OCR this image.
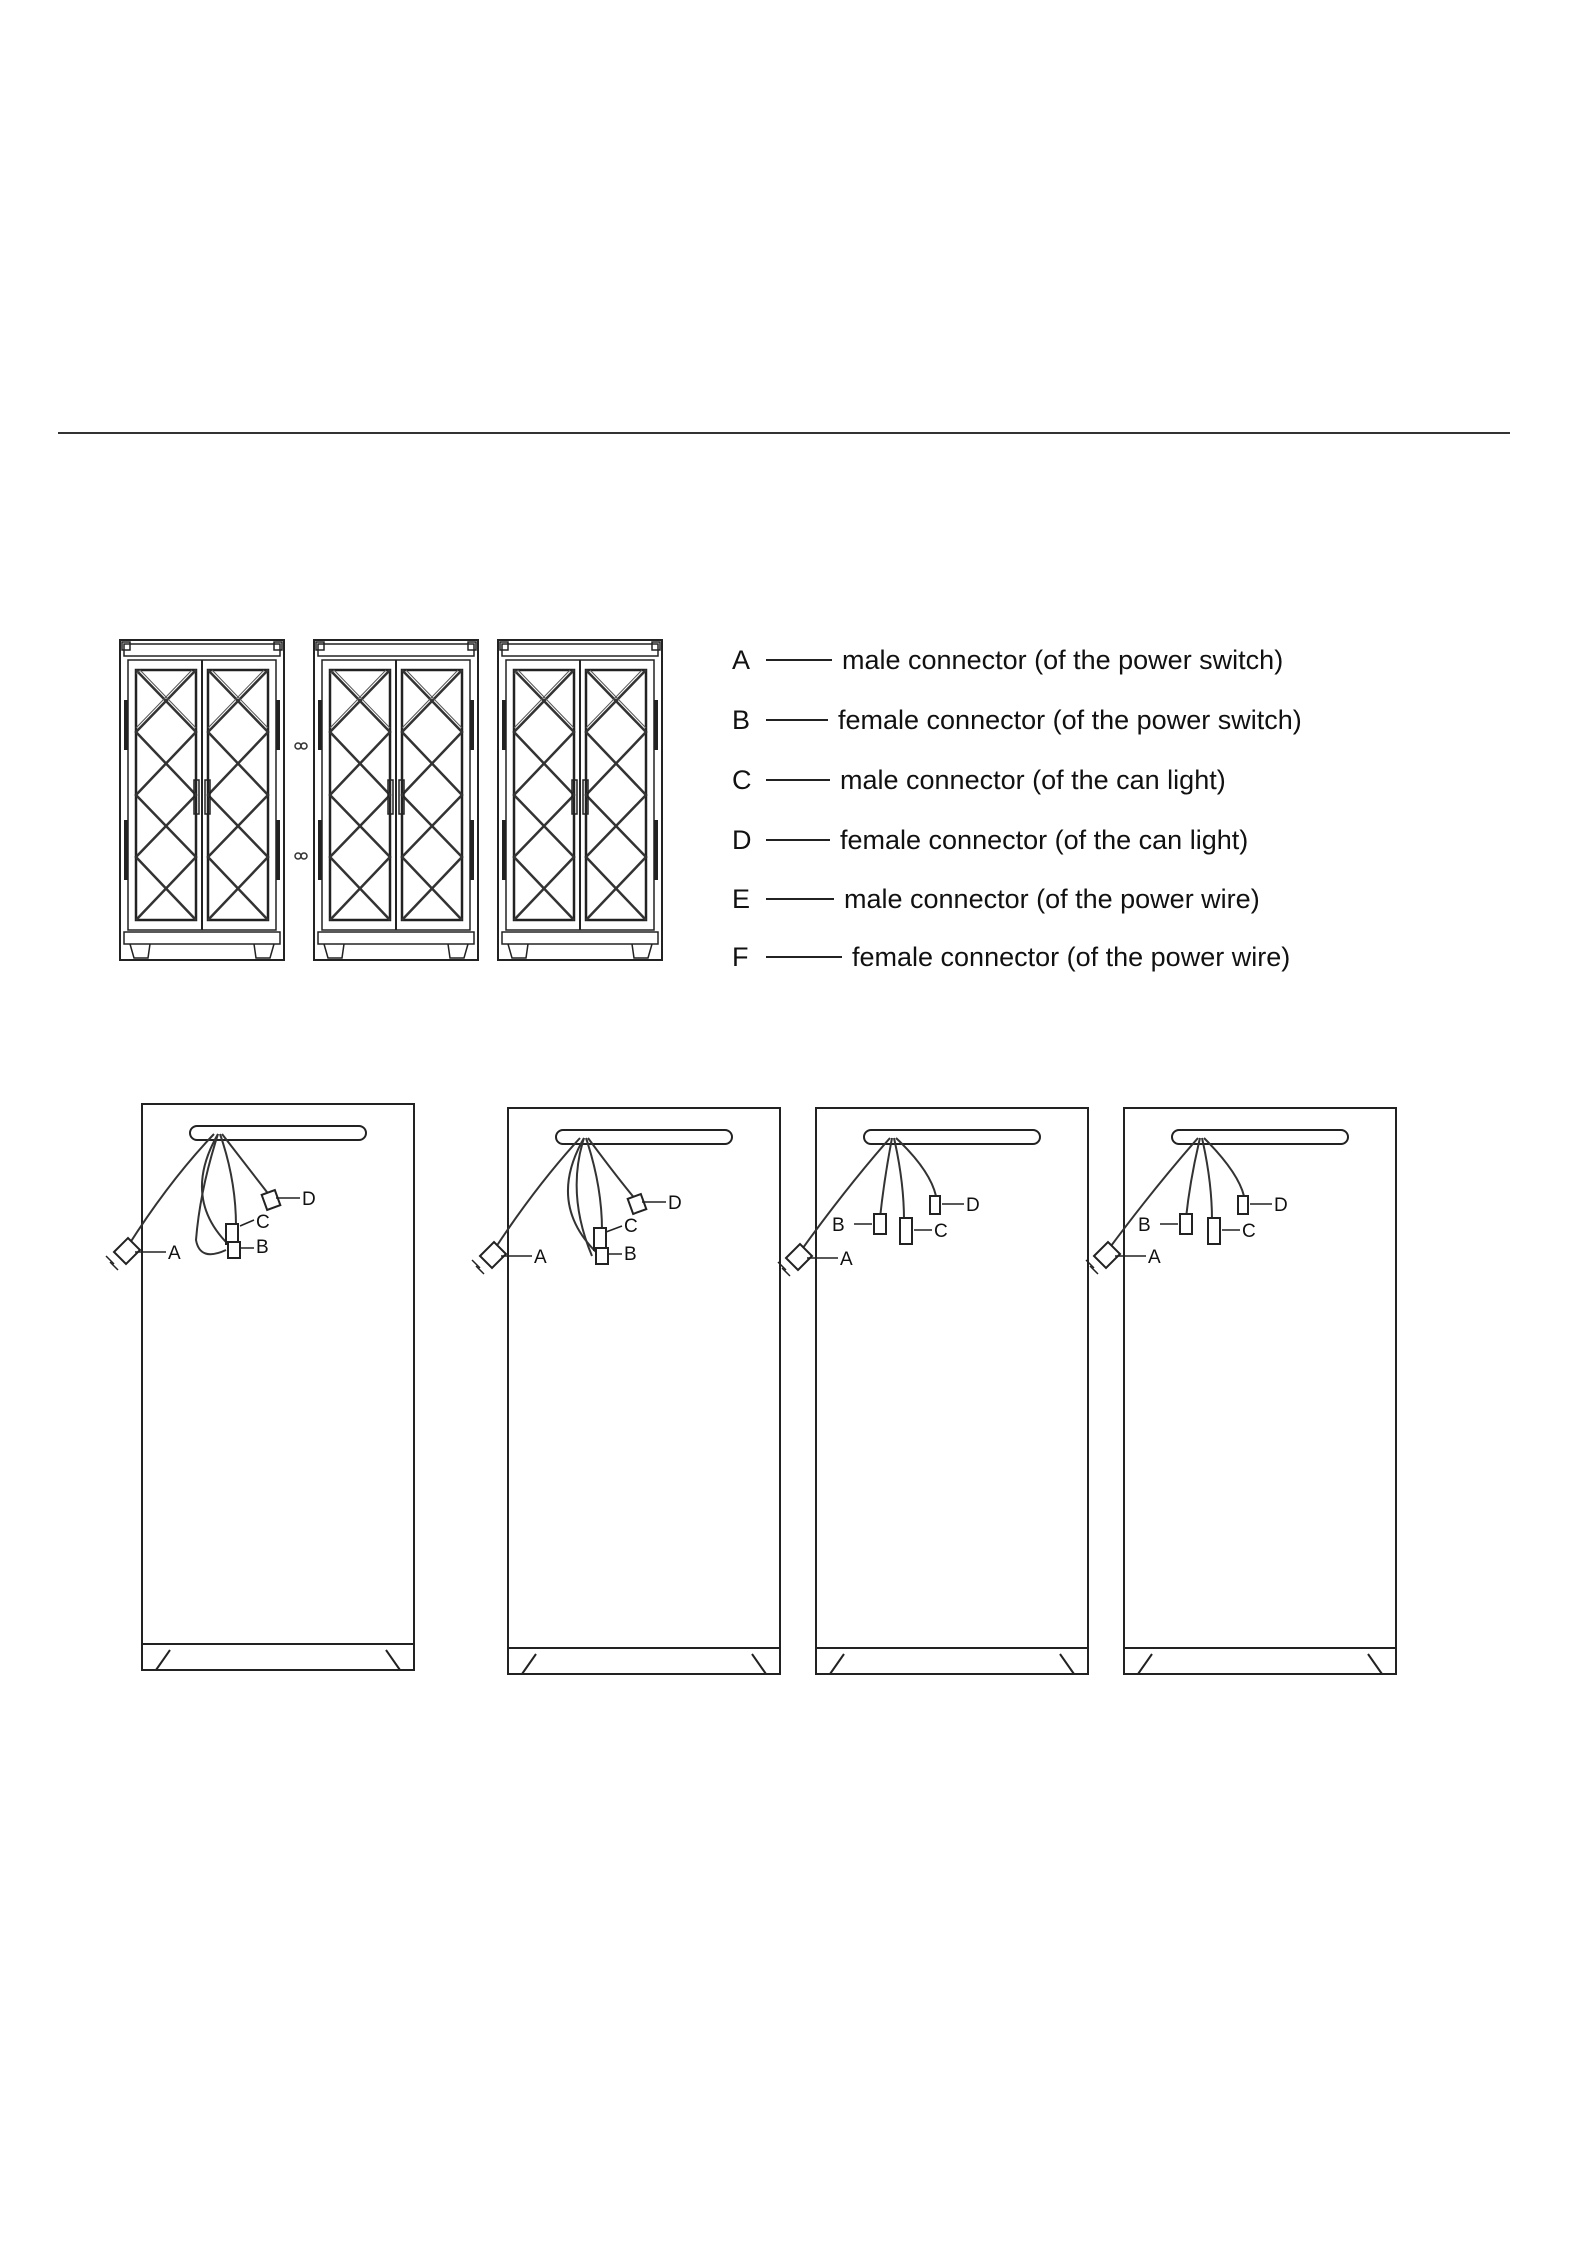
A	male connector (of the power switch)
B	female connector (of the power switch)
C	male connector (of the can light)
D	female connector (of the can light)
E	male connector (of the power wire)
F	female connector (of the power wire)
A
D
C
B	A
D
C
B	A
B	C
D
A
B	C
D
